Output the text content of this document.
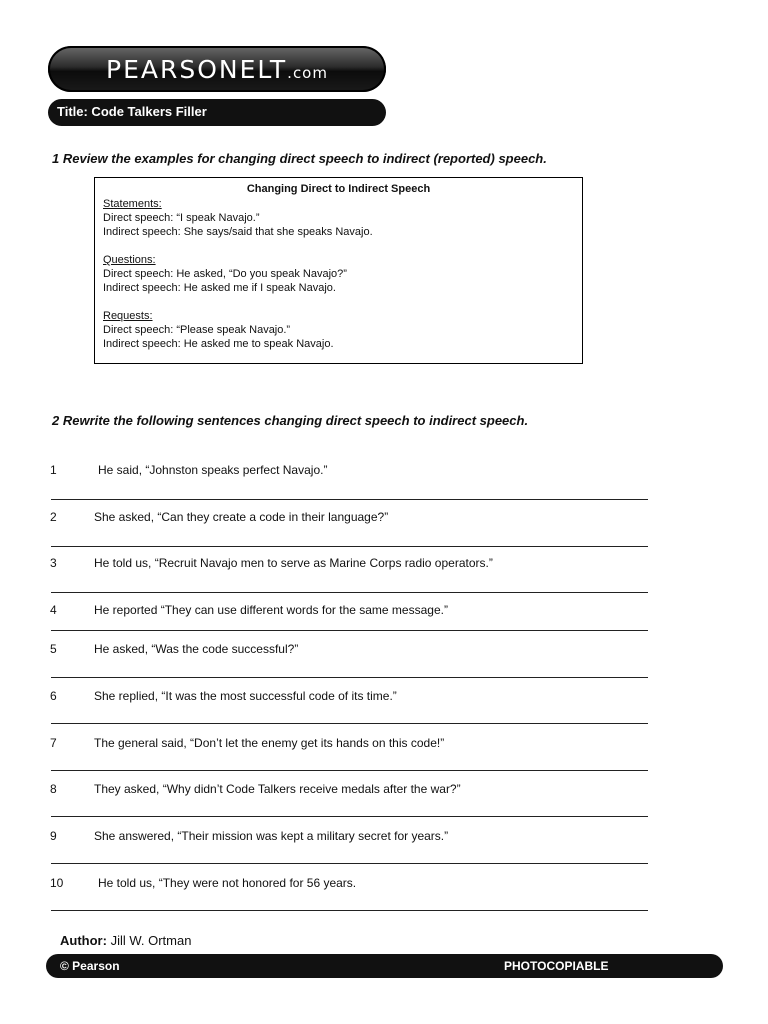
PEARSONELT.com
Title: Code Talkers Filler
1 Review the examples for changing direct speech to indirect (reported) speech.
Changing Direct to Indirect Speech
Statements:
Direct speech: “I speak Navajo.”
Indirect speech: She says/said that she speaks Navajo.
Questions:
Direct speech: He asked, “Do you speak Navajo?”
Indirect speech: He asked me if I speak Navajo.
Requests:
Direct speech: “Please speak Navajo.”
Indirect speech: He asked me to speak Navajo.
2 Rewrite the following sentences changing direct speech to indirect speech.
1	He said, “Johnston speaks perfect Navajo.”
2	She asked, “Can they create a code in their language?”
3	He told us, “Recruit Navajo men to serve as Marine Corps radio operators.”
4	He reported “They can use different words for the same message.”
5	He asked, “Was the code successful?”
6	She replied, “It was the most successful code of its time.”
7	The general said, “Don’t let the enemy get its hands on this code!”
8	They asked, “Why didn’t Code Talkers receive medals after the war?”
9	She answered, “Their mission was kept a military secret for years.”
10	He told us, “They were not honored for 56 years.
Author: Jill W. Ortman
© Pearson	PHOTOCOPIABLE
